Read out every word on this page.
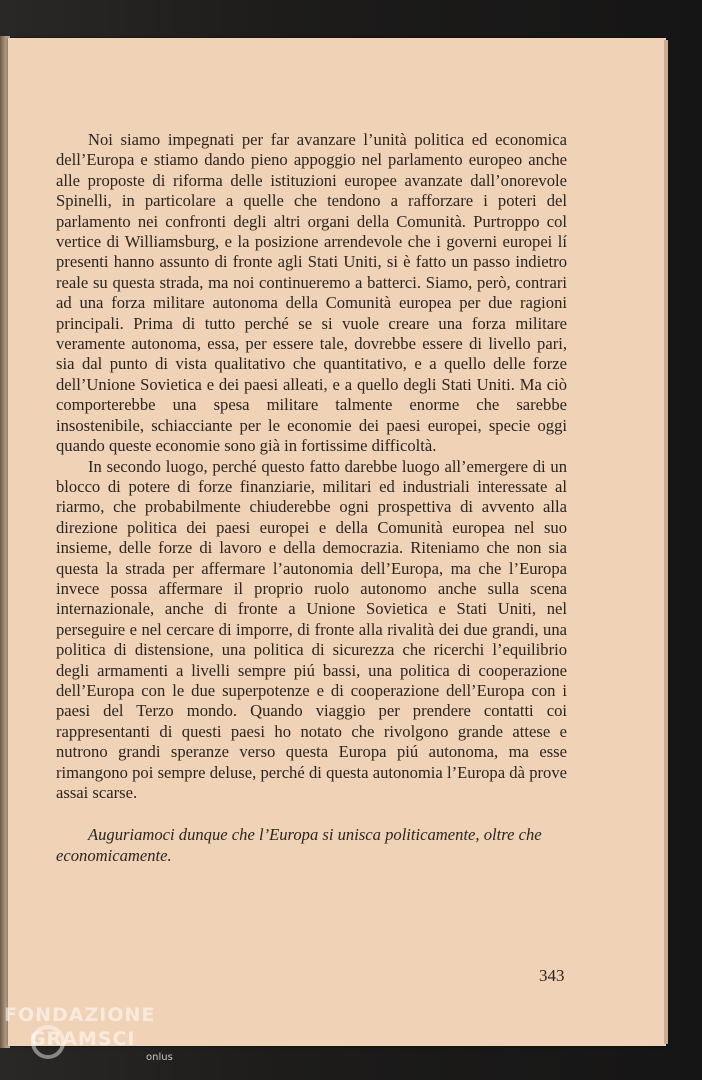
Noi siamo impegnati per far avanzare l’unità politica ed economica dell’Europa e stiamo dando pieno appoggio nel parlamento europeo anche alle proposte di riforma delle istituzioni europee avanzate dall’onorevole Spinelli, in particolare a quelle che tendono a rafforzare i poteri del parlamento nei confronti degli altri organi della Comunità. Purtroppo col vertice di Williamsburg, e la posizione arrendevole che i governi europei lí presenti hanno assunto di fronte agli Stati Uniti, si è fatto un passo indietro reale su questa strada, ma noi continueremo a batterci. Siamo, però, contrari ad una forza militare autonoma della Comunità europea per due ragioni principali. Prima di tutto perché se si vuole creare una forza militare veramente autonoma, essa, per essere tale, dovrebbe essere di livello pari, sia dal punto di vista qualitativo che quantitativo, e a quello delle forze dell’Unione Sovietica e dei paesi alleati, e a quello degli Stati Uniti. Ma ciò comporterebbe una spesa militare talmente enorme che sarebbe insostenibile, schiacciante per le economie dei paesi europei, specie oggi quando queste economie sono già in fortissime difficoltà.

In secondo luogo, perché questo fatto darebbe luogo all’emergere di un blocco di potere di forze finanziarie, militari ed industriali interessate al riarmo, che probabilmente chiuderebbe ogni prospettiva di avvento alla direzione politica dei paesi europei e della Comunità europea nel suo insieme, delle forze di lavoro e della democrazia. Riteniamo che non sia questa la strada per affermare l’autonomia dell’Europa, ma che l’Europa invece possa affermare il proprio ruolo autonomo anche sulla scena internazionale, anche di fronte a Unione Sovietica e Stati Uniti, nel perseguire e nel cercare di imporre, di fronte alla rivalità dei due grandi, una politica di distensione, una politica di sicurezza che ricerchi l’equilibrio degli armamenti a livelli sempre piú bassi, una politica di cooperazione dell’Europa con le due superpotenze e di cooperazione dell’Europa con i paesi del Terzo mondo. Quando viaggio per prendere contatti coi rappresentanti di questi paesi ho notato che rivolgono grande attese e nutrono grandi speranze verso questa Europa piú autonoma, ma esse rimangono poi sempre deluse, perché di questa autonomia l’Europa dà prove assai scarse.

Auguriamoci dunque che l’Europa si unisca politicamente, oltre che economicamente.

343
FONDAZIONE
GRAMSCI
onlus
